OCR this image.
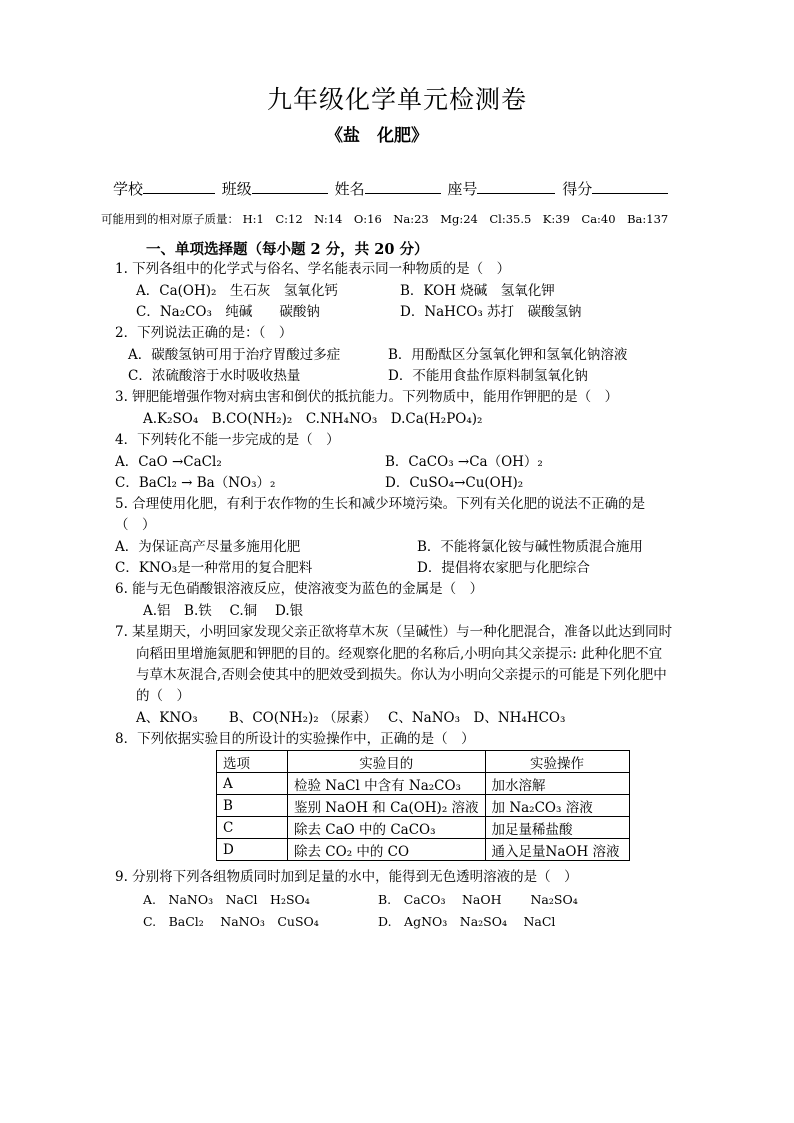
九年级化学单元检测卷
《盐　化肥》
学校	班级	姓名	座号	得分
可能用到的相对原子质量： H:1　C:12　N:14　O:16　Na:23　Mg:24　Cl:35.5　K:39　Ca:40　Ba:137
一、单项选择题（每小题 2 分，共 20 分）
1. 下列各组中的化学式与俗名、学名能表示同一种物质的是（　）
A．Ca(OH)₂　生石灰　氢氧化钙	B．KOH 烧碱　氢氧化钾
C．Na₂CO₃　纯碱　　碳酸钠	D．NaHCO₃ 苏打　碳酸氢钠
2．下列说法正确的是：（　）
A．碳酸氢钠可用于治疗胃酸过多症	B．用酚酞区分氢氧化钾和氢氧化钠溶液
C．浓硫酸溶于水时吸收热量	D．不能用食盐作原料制氢氧化钠
3. 钾肥能增强作物对病虫害和倒伏的抵抗能力。下列物质中，能用作钾肥的是（　）
A.K₂SO₄　B.CO(NH₂)₂　C.NH₄NO₃　D.Ca(H₂PO₄)₂
4．下列转化不能一步完成的是（　）
A．CaO →CaCl₂	B．CaCO₃ →Ca（OH）₂
C．BaCl₂ → Ba（NO₃）₂	D．CuSO₄→Cu(OH)₂
5. 合理使用化肥，有利于农作物的生长和减少环境污染。下列有关化肥的说法不正确的是
（　）
A．为保证高产尽量多施用化肥	B．不能将氯化铵与碱性物质混合施用
C．KNO₃是一种常用的复合肥料	D．提倡将农家肥与化肥综合
6. 能与无色硝酸银溶液反应，使溶液变为蓝色的金属是（　）
A.铝　B.铁　 C.铜　 D.银
7. 某星期天，小明回家发现父亲正欲将草木灰（呈碱性）与一种化肥混合，准备以此达到同时
向稻田里增施氮肥和钾肥的目的。经观察化肥的名称后,小明向其父亲提示: 此种化肥不宜
与草木灰混合,否则会使其中的肥效受到损失。你认为小明向父亲提示的可能是下列化肥中
的（　）
A、KNO₃　　 B、CO(NH₂)₂ （尿素）　 C、NaNO₃　D、NH₄HCO₃
8．下列依据实验目的所设计的实验操作中，正确的是（　）
选项	实验目的	实验操作
A	检验 NaCl 中含有 Na₂CO₃	加水溶解
B	鉴别 NaOH 和 Ca(OH)₂ 溶液	加 Na₂CO₃ 溶液
C	除去 CaO 中的 CaCO₃	加足量稀盐酸
D	除去 CO₂ 中的 CO	通入足量NaOH 溶液
9. 分别将下列各组物质同时加到足量的水中，能得到无色透明溶液的是（　）
A.　NaNO₃　NaCl　H₂SO₄	B.　CaCO₃　 NaOH　　 Na₂SO₄
C.　BaCl₂　 NaNO₃　CuSO₄	D.　AgNO₃　Na₂SO₄　 NaCl
